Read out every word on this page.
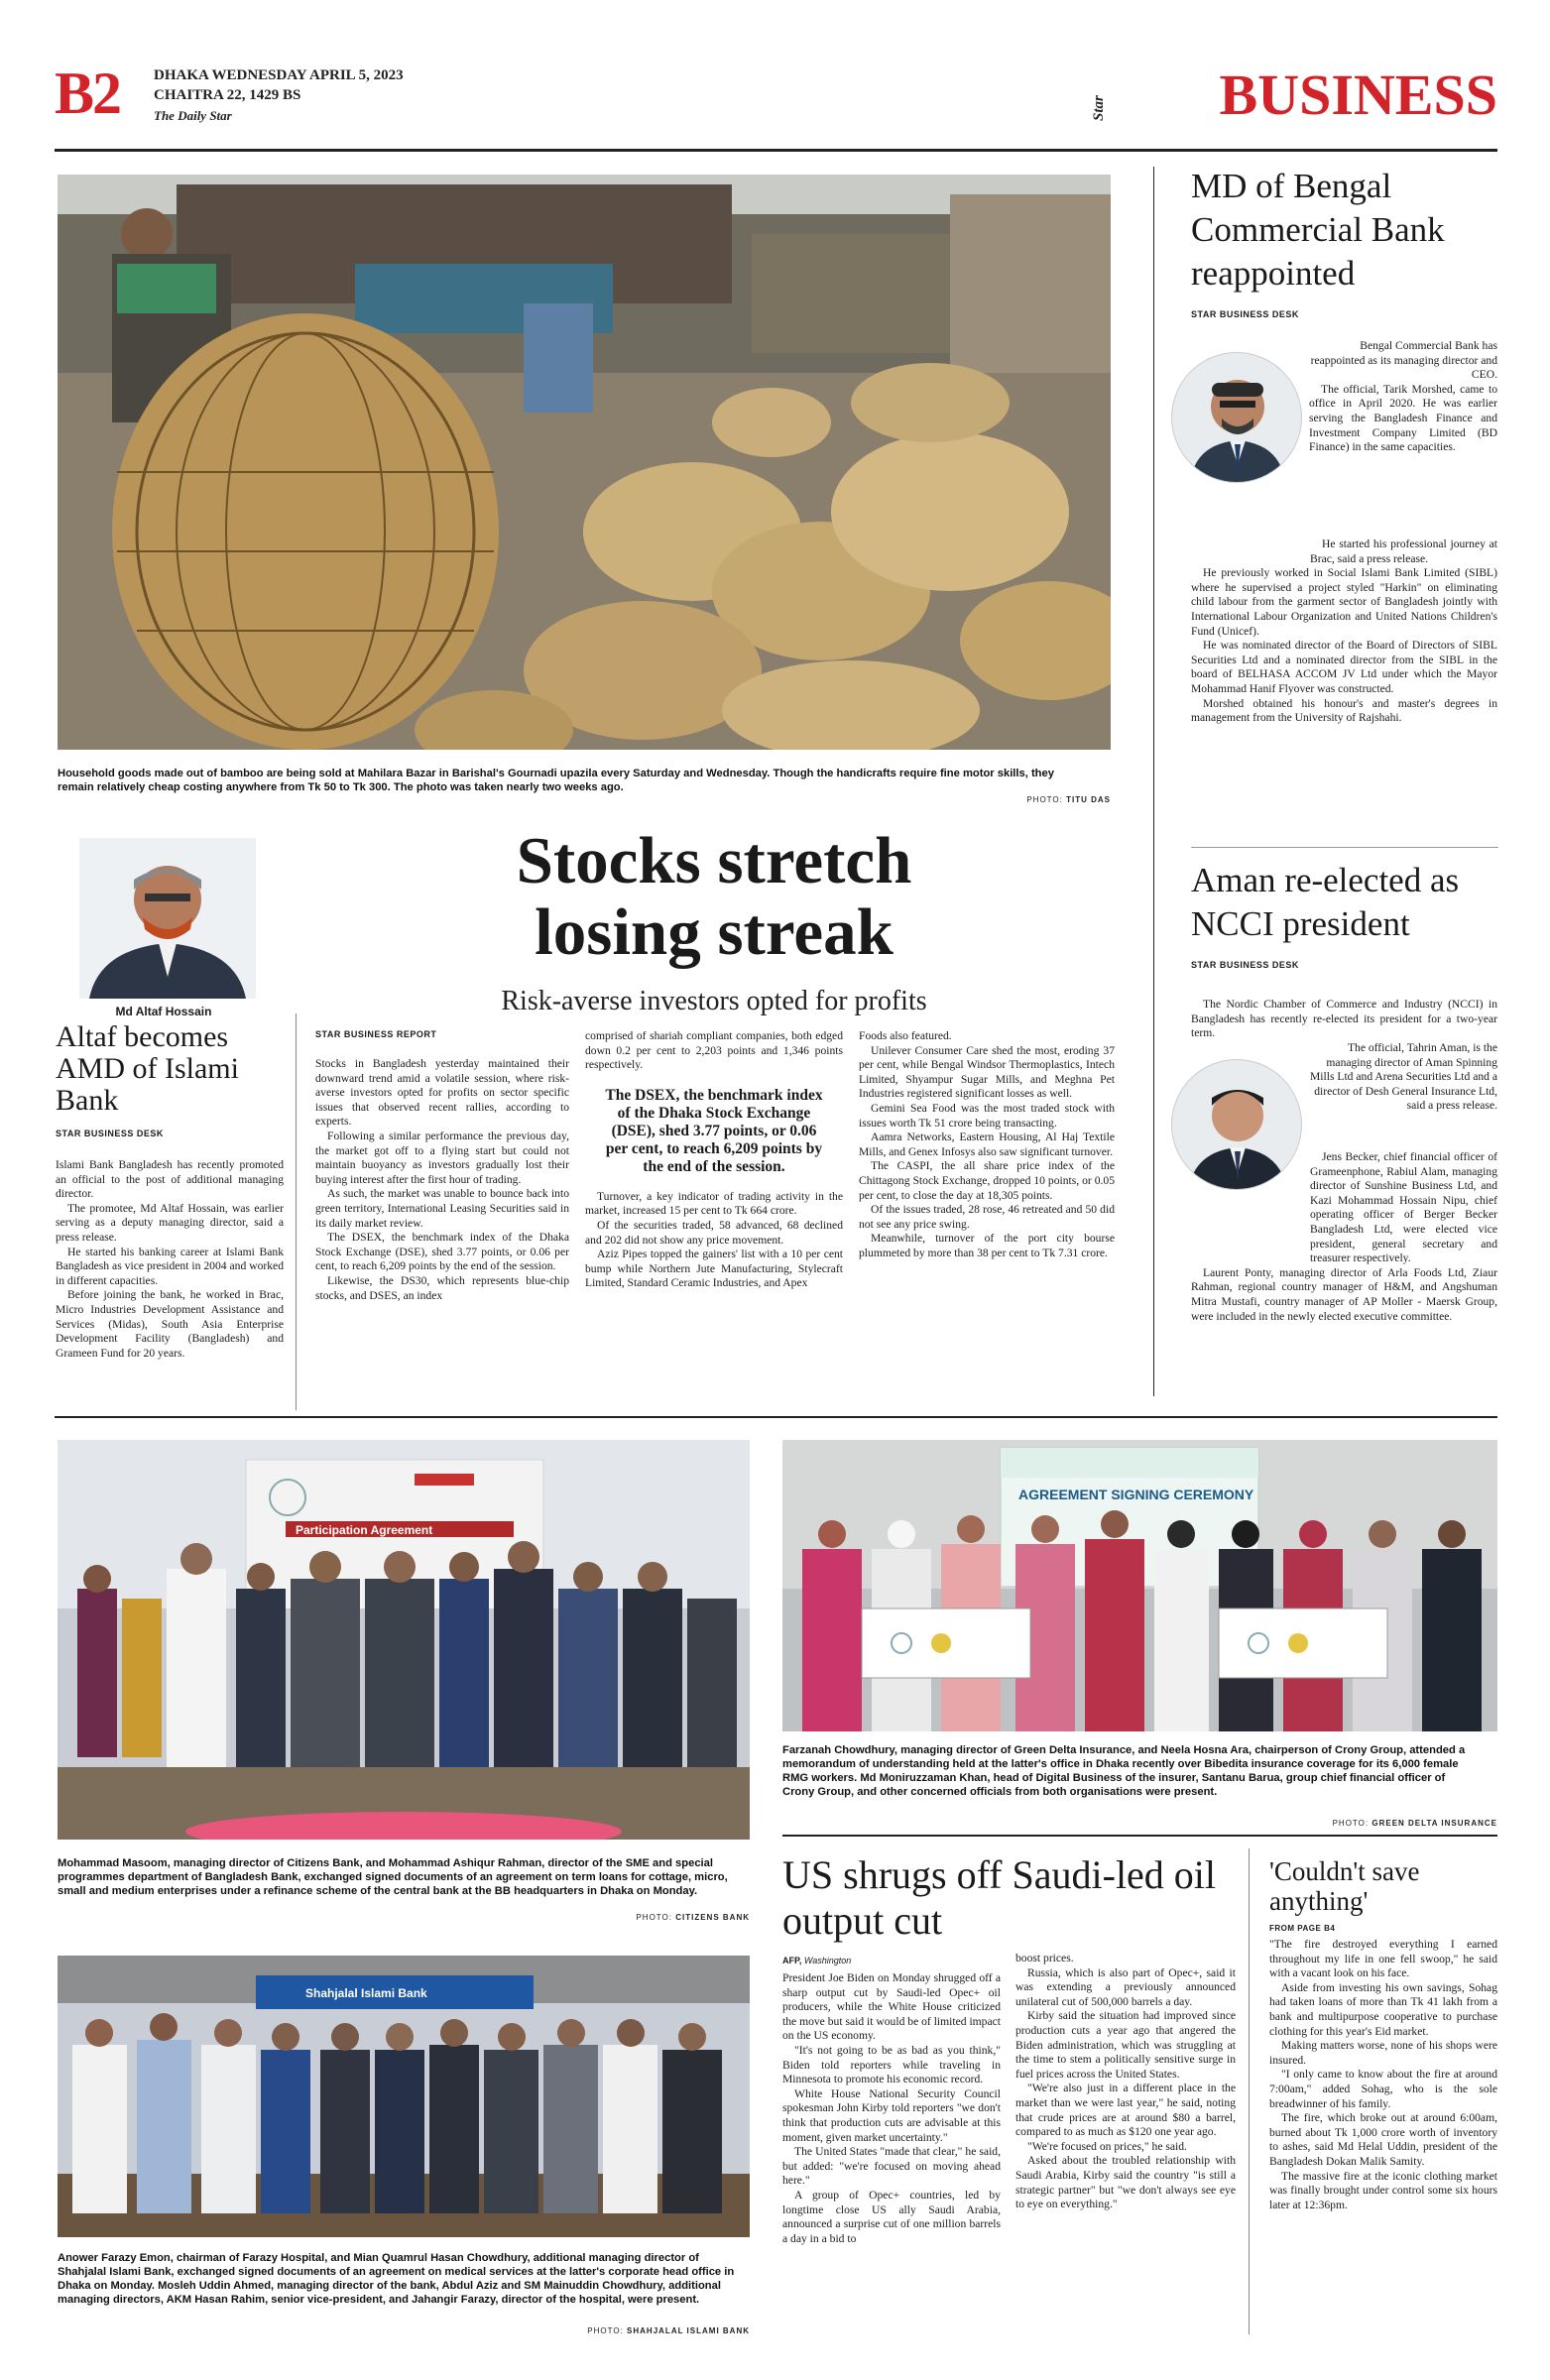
B2 DHAKA WEDNESDAY APRIL 5, 2023
CHAITRA 22, 1429 BS
The Daily Star	Star BUSINESS
Household goods made out of bamboo are being sold at Mahilara Bazar in Barishal's Gournadi upazila every Saturday and Wednesday. Though the handicrafts require fine motor skills, they remain relatively cheap costing anywhere from Tk 50 to Tk 300. The photo was taken nearly two weeks ago.
PHOTO: TITU DAS
MD of Bengal Commercial Bank reappointed
STAR BUSINESS DESK

Bengal Commercial Bank has reappointed as its managing director and CEO.

The official, Tarik Morshed, came to office in April 2020. He was earlier serving the Bangladesh Finance and Investment Company Limited (BD Finance) in the same capacities.

He started his professional journey at Brac, said a press release.

He previously worked in Social Islami Bank Limited (SIBL) where he supervised a project styled "Harkin" on eliminating child labour from the garment sector of Bangladesh jointly with International Labour Organization and United Nations Children's Fund (Unicef).

He was nominated director of the Board of Directors of SIBL Securities Ltd and a nominated director from the SIBL in the board of BELHASA ACCOM JV Ltd under which the Mayor Mohammad Hanif Flyover was constructed.

Morshed obtained his honour's and master's degrees in management from the University of Rajshahi.

Aman re-elected as NCCI president
STAR BUSINESS DESK

The Nordic Chamber of Commerce and Industry (NCCI) in Bangladesh has recently re-elected its president for a two-year term.

The official, Tahrin Aman, is the managing director of Aman Spinning Mills Ltd and Arena Securities Ltd and a director of Desh General Insurance Ltd, said a press release.

Jens Becker, chief financial officer of Grameenphone, Rabiul Alam, managing director of Sunshine Business Ltd, and Kazi Mohammad Hossain Nipu, chief operating officer of Berger Becker Bangladesh Ltd, were elected vice president, general secretary and treasurer respectively.

Laurent Ponty, managing director of Arla Foods Ltd, Ziaur Rahman, regional country manager of H&M, and Angshuman Mitra Mustafi, country manager of AP Moller - Maersk Group, were included in the newly elected executive committee.

Md Altaf Hossain
Altaf becomes AMD of Islami Bank
STAR BUSINESS DESK

Islami Bank Bangladesh has recently promoted an official to the post of additional managing director.

The promotee, Md Altaf Hossain, was earlier serving as a deputy managing director, said a press release.

He started his banking career at Islami Bank Bangladesh as vice president in 2004 and worked in different capacities.

Before joining the bank, he worked in Brac, Micro Industries Development Assistance and Services (Midas), South Asia Enterprise Development Facility (Bangladesh) and Grameen Fund for 20 years.

Stocks stretch losing streak
Risk-averse investors opted for profits
STAR BUSINESS REPORT

Stocks in Bangladesh yesterday maintained their downward trend amid a volatile session, where risk-averse investors opted for profits on sector specific issues that observed recent rallies, according to experts.

Following a similar performance the previous day, the market got off to a flying start but could not maintain buoyancy as investors gradually lost their buying interest after the first hour of trading.

As such, the market was unable to bounce back into green territory, International Leasing Securities said in its daily market review.

The DSEX, the benchmark index of the Dhaka Stock Exchange (DSE), shed 3.77 points, or 0.06 per cent, to reach 6,209 points by the end of the session.

Likewise, the DS30, which represents blue-chip stocks, and DSES, an index

comprised of shariah compliant companies, both edged down 0.2 per cent to 2,203 points and 1,346 points respectively.

The DSEX, the benchmark index of the Dhaka Stock Exchange (DSE), shed 3.77 points, or 0.06 per cent, to reach 6,209 points by the end of the session.

Turnover, a key indicator of trading activity in the market, increased 15 per cent to Tk 664 crore.

Of the securities traded, 58 advanced, 68 declined and 202 did not show any price movement.

Aziz Pipes topped the gainers' list with a 10 per cent bump while Northern Jute Manufacturing, Stylecraft Limited, Standard Ceramic Industries, and Apex

Foods also featured.

Unilever Consumer Care shed the most, eroding 37 per cent, while Bengal Windsor Thermoplastics, Intech Limited, Shyampur Sugar Mills, and Meghna Pet Industries registered significant losses as well.

Gemini Sea Food was the most traded stock with issues worth Tk 51 crore being transacting.

Aamra Networks, Eastern Housing, Al Haj Textile Mills, and Genex Infosys also saw significant turnover.

The CASPI, the all share price index of the Chittagong Stock Exchange, dropped 10 points, or 0.05 per cent, to close the day at 18,305 points.

Of the issues traded, 28 rose, 46 retreated and 50 did not see any price swing.

Meanwhile, turnover of the port city bourse plummeted by more than 38 per cent to Tk 7.31 crore.

Participation Agreement
Mohammad Masoom, managing director of Citizens Bank, and Mohammad Ashiqur Rahman, director of the SME and special programmes department of Bangladesh Bank, exchanged signed documents of an agreement on term loans for cottage, micro, small and medium enterprises under a refinance scheme of the central bank at the BB headquarters in Dhaka on Monday.
PHOTO: CITIZENS BANK
AGREEMENT SIGNING CEREMONY
Farzanah Chowdhury, managing director of Green Delta Insurance, and Neela Hosna Ara, chairperson of Crony Group, attended a memorandum of understanding held at the latter's office in Dhaka recently over Bibedita insurance coverage for its 6,000 female RMG workers. Md Moniruzzaman Khan, head of Digital Business of the insurer, Santanu Barua, group chief financial officer of Crony Group, and other concerned officials from both organisations were present.
PHOTO: GREEN DELTA INSURANCE
Shahjalal Islami Bank
Anower Farazy Emon, chairman of Farazy Hospital, and Mian Quamrul Hasan Chowdhury, additional managing director of Shahjalal Islami Bank, exchanged signed documents of an agreement on medical services at the latter's corporate head office in Dhaka on Monday. Mosleh Uddin Ahmed, managing director of the bank, Abdul Aziz and SM Mainuddin Chowdhury, additional managing directors, AKM Hasan Rahim, senior vice-president, and Jahangir Farazy, director of the hospital, were present.
PHOTO: SHAHJALAL ISLAMI BANK
US shrugs off Saudi-led oil output cut
AFP, Washington

President Joe Biden on Monday shrugged off a sharp output cut by Saudi-led Opec+ oil producers, while the White House criticized the move but said it would be of limited impact on the US economy.

"It's not going to be as bad as you think," Biden told reporters while traveling in Minnesota to promote his economic record.

White House National Security Council spokesman John Kirby told reporters "we don't think that production cuts are advisable at this moment, given market uncertainty."

The United States "made that clear," he said, but added: "we're focused on moving ahead here."

A group of Opec+ countries, led by longtime close US ally Saudi Arabia, announced a surprise cut of one million barrels a day in a bid to

boost prices.

Russia, which is also part of Opec+, said it was extending a previously announced unilateral cut of 500,000 barrels a day.

Kirby said the situation had improved since production cuts a year ago that angered the Biden administration, which was struggling at the time to stem a politically sensitive surge in fuel prices across the United States.

"We're also just in a different place in the market than we were last year," he said, noting that crude prices are at around $80 a barrel, compared to as much as $120 one year ago.

"We're focused on prices," he said.

Asked about the troubled relationship with Saudi Arabia, Kirby said the country "is still a strategic partner" but "we don't always see eye to eye on everything."

'Couldn't save anything'
FROM PAGE B4

"The fire destroyed everything I earned throughout my life in one fell swoop," he said with a vacant look on his face.

Aside from investing his own savings, Sohag had taken loans of more than Tk 41 lakh from a bank and multipurpose cooperative to purchase clothing for this year's Eid market.

Making matters worse, none of his shops were insured.

"I only came to know about the fire at around 7:00am," added Sohag, who is the sole breadwinner of his family.

The fire, which broke out at around 6:00am, burned about Tk 1,000 crore worth of inventory to ashes, said Md Helal Uddin, president of the Bangladesh Dokan Malik Samity.

The massive fire at the iconic clothing market was finally brought under control some six hours later at 12:36pm.
